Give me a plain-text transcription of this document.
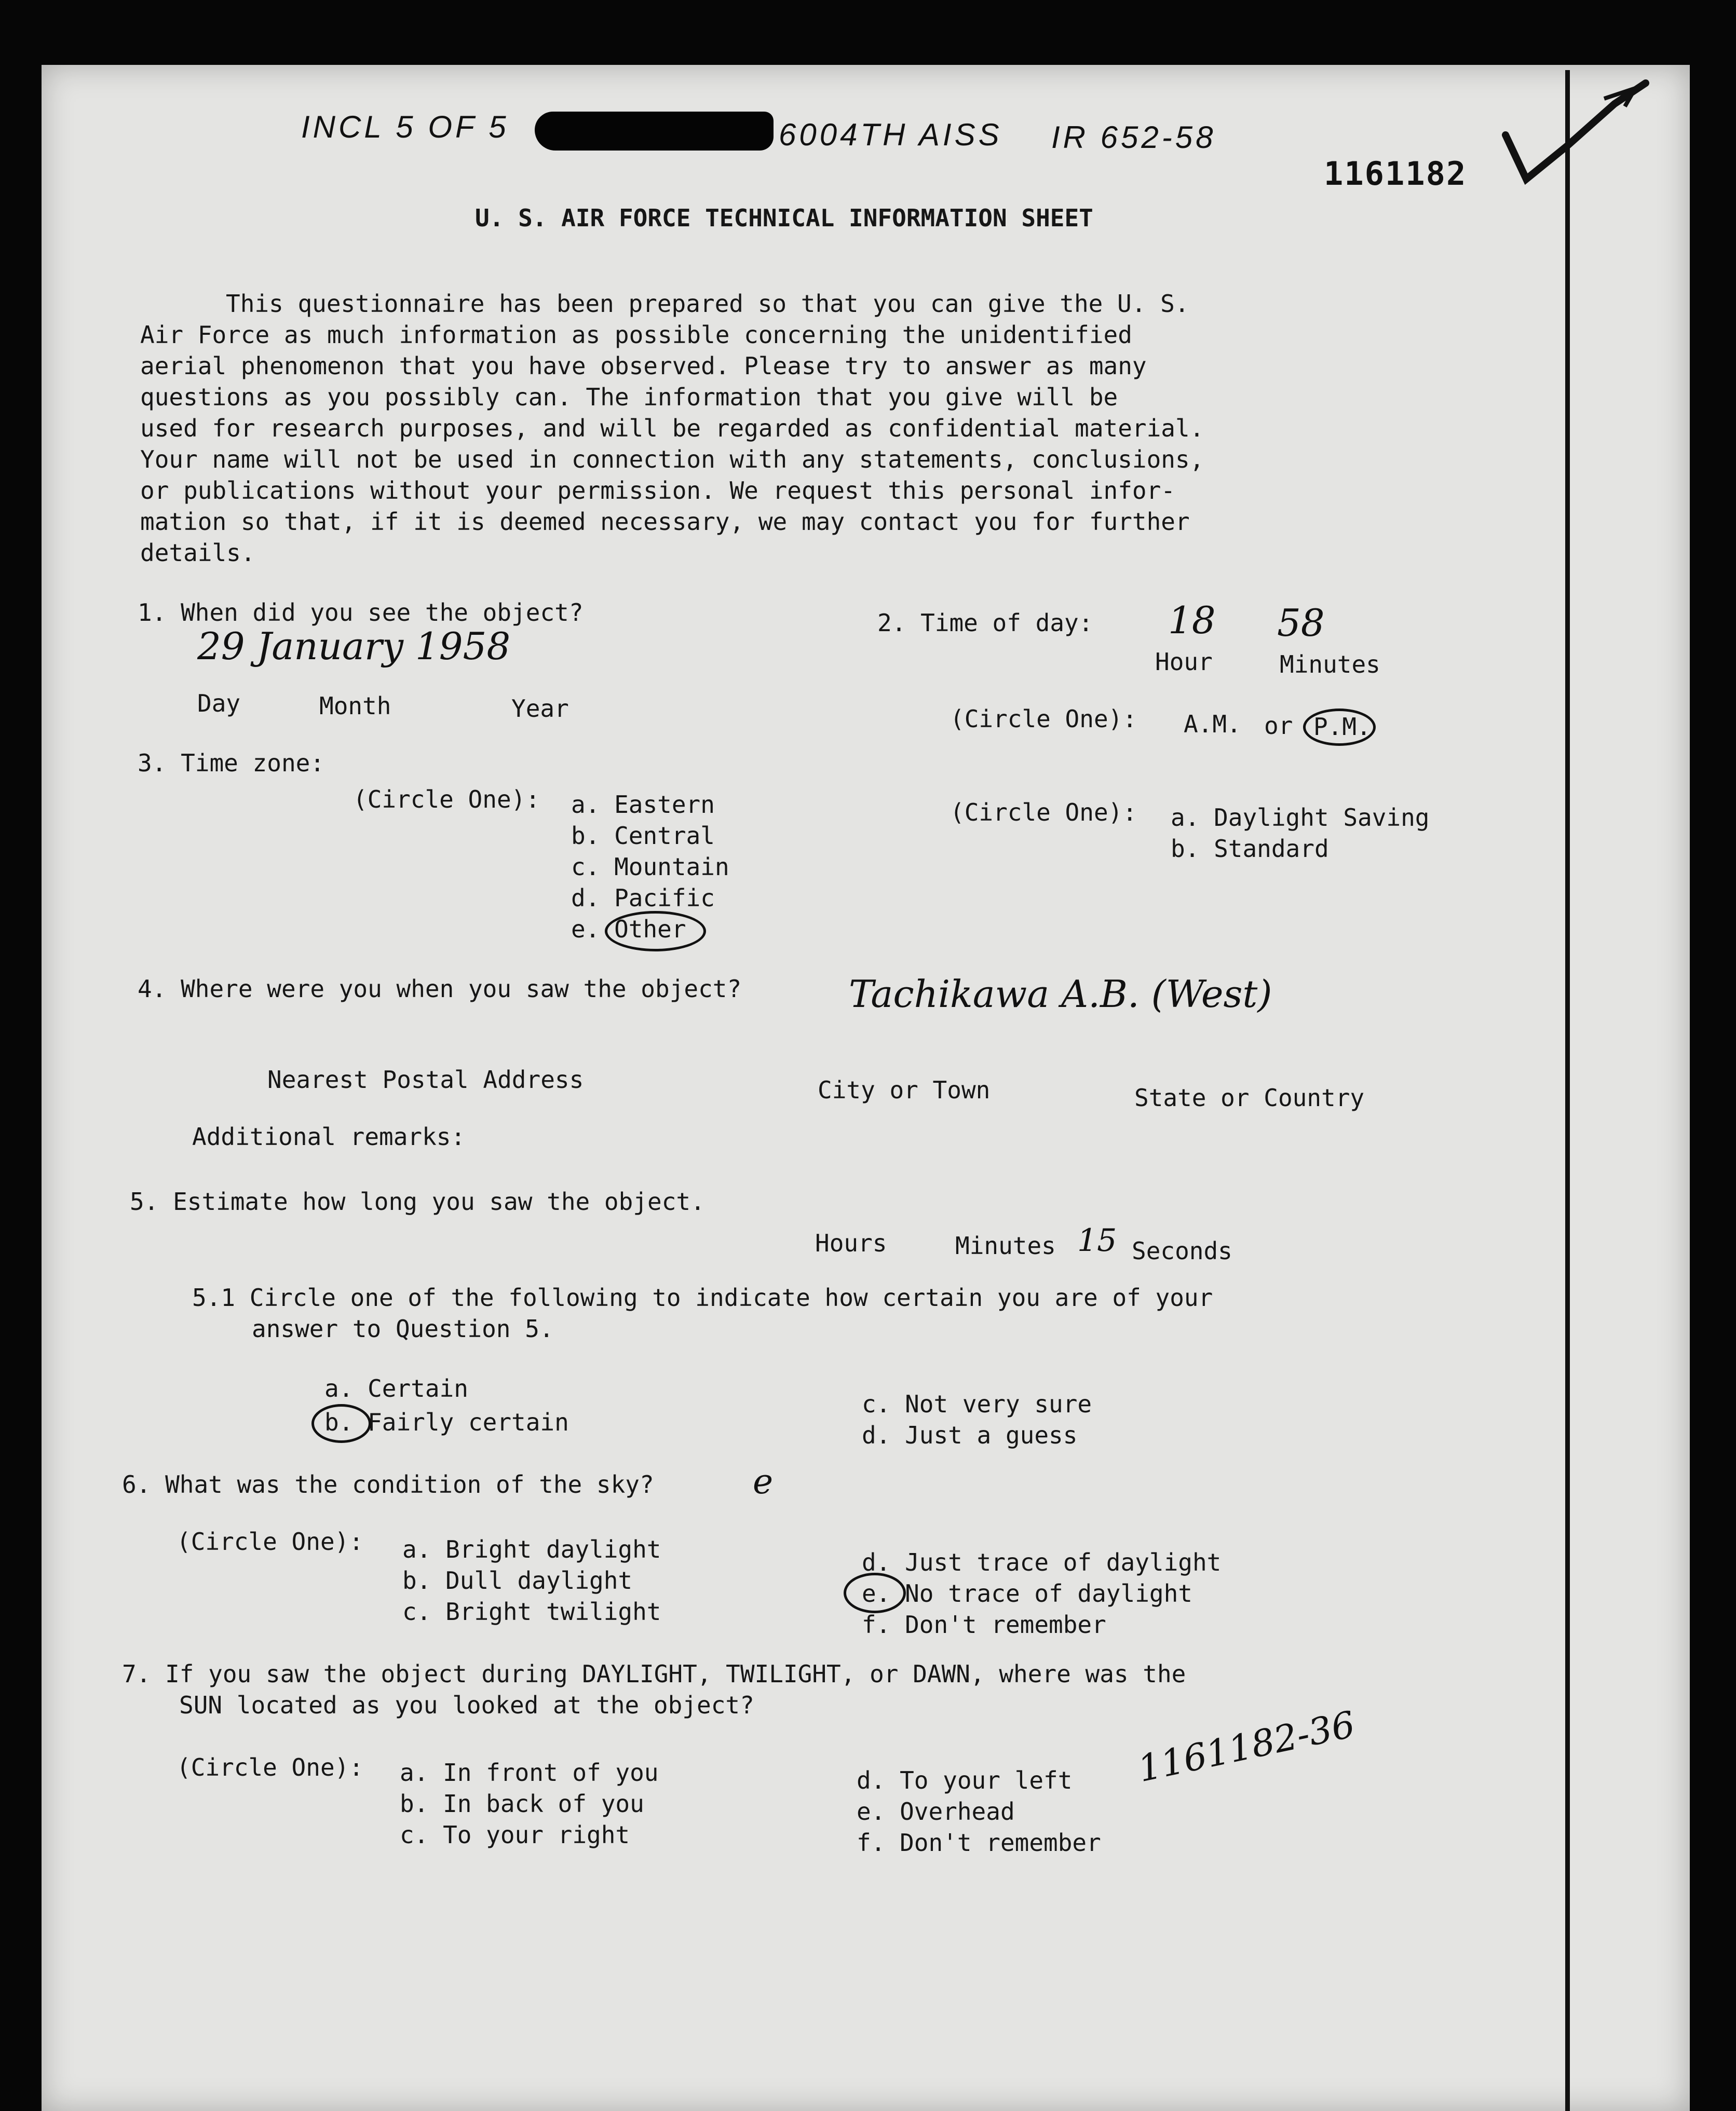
INCL 5 OF 5	6004TH AISS IR 652-58
1161182
U. S. AIR FORCE TECHNICAL INFORMATION SHEET
This questionnaire has been prepared so that you can give the U. S.
Air Force as much information as possible concerning the unidentified
aerial phenomenon that you have observed. Please try to answer as many
questions as you possibly can. The information that you give will be
used for research purposes, and will be regarded as confidential material.
Your name will not be used in connection with any statements, conclusions,
or publications without your permission. We request this personal infor-
mation so that, if it is deemed necessary, we may contact you for further
details.
1. When did you see the object?
29 January 1958
Day	Month	Year
2. Time of day: 18 58
Hour	Minutes
(Circle One): A.M. or P.M.
3. Time zone:
(Circle One): a. Eastern
b. Central
c. Mountain
d. Pacific
e. Other
(Circle One): a. Daylight Saving
b. Standard
4. Where were you when you saw the object?	Tachikawa A.B. (West)
Nearest Postal Address	City or Town	State or Country
Additional remarks:
5. Estimate how long you saw the object.
Hours	Minutes 15 Seconds
5.1 Circle one of the following to indicate how certain you are of your
answer to Question 5.
a. Certain
b. Fairly certain
c. Not very sure
d. Just a guess
6. What was the condition of the sky?	e
(Circle One): a. Bright daylight
b. Dull daylight
c. Bright twilight
d. Just trace of daylight
e. No trace of daylight
f. Don't remember
7. If you saw the object during DAYLIGHT, TWILIGHT, or DAWN, where was the
SUN located as you looked at the object?
(Circle One): a. In front of you
b. In back of you
c. To your right
d. To your left
e. Overhead
f. Don't remember
1161182-36
